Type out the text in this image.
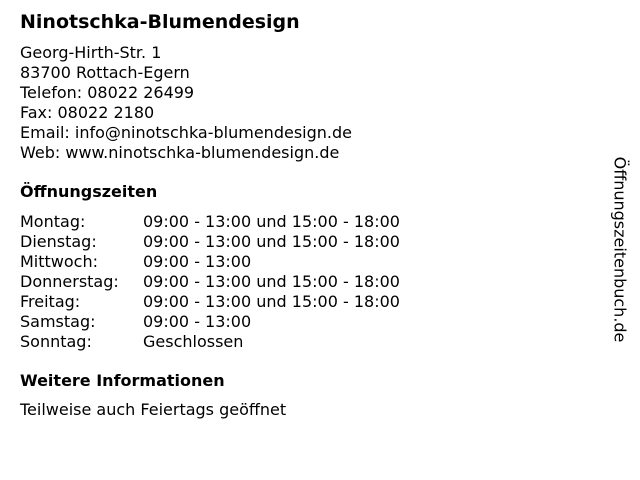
Ninotschka-Blumendesign
Georg-Hirth-Str. 1
83700 Rottach-Egern
Telefon: 08022 26499
Fax: 08022 2180
Email: info@ninotschka-blumendesign.de
Web: www.ninotschka-blumendesign.de
Öffnungszeiten
Montag:	09:00 - 13:00 und 15:00 - 18:00
Dienstag:	09:00 - 13:00 und 15:00 - 18:00
Mittwoch:	09:00 - 13:00
Donnerstag:	09:00 - 13:00 und 15:00 - 18:00
Freitag:	09:00 - 13:00 und 15:00 - 18:00
Samstag:	09:00 - 13:00
Sonntag:	Geschlossen
Weitere Informationen

Teilweise auch Feiertags geöffnet

Öffnungszeitenbuch.de
